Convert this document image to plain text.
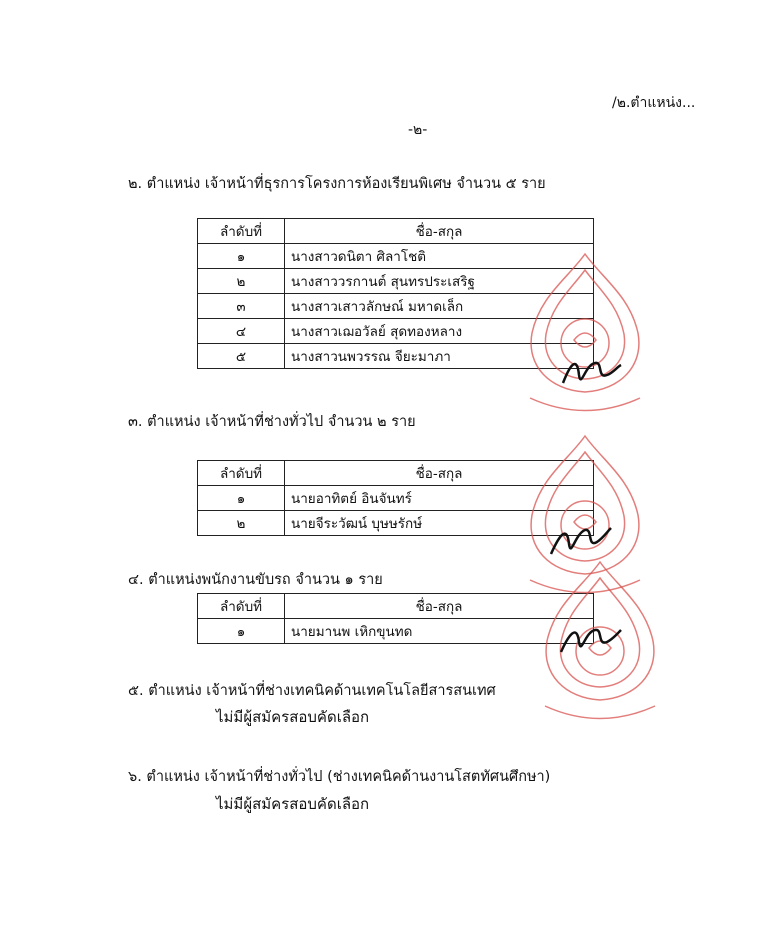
/๒.ตำแหน่ง...
-๒-
๒. ตำแหน่ง เจ้าหน้าที่ธุรการโครงการห้องเรียนพิเศษ จำนวน ๕ ราย
ลำดับที่	ชื่อ-สกุล
๑	นางสาวดนิตา ศิลาโชติ
๒	นางสาววรกานต์ สุนทรประเสริฐ
๓	นางสาวเสาวลักษณ์ มหาดเล็ก
๔	นางสาวเฌอวัลย์ สุดทองหลาง
๕	นางสาวนพวรรณ จียะมาภา
๓. ตำแหน่ง เจ้าหน้าที่ช่างทั่วไป จำนวน ๒ ราย
ลำดับที่	ชื่อ-สกุล
๑	นายอาทิตย์ อินจันทร์
๒	นายจีระวัฒน์ บุษษรักษ์
๔. ตำแหน่งพนักงานขับรถ จำนวน ๑ ราย
ลำดับที่	ชื่อ-สกุล
๑	นายมานพ เหิกขุนทด
๕. ตำแหน่ง เจ้าหน้าที่ช่างเทคนิคด้านเทคโนโลยีสารสนเทศ
ไม่มีผู้สมัครสอบคัดเลือก
๖. ตำแหน่ง เจ้าหน้าที่ช่างทั่วไป (ช่างเทคนิคด้านงานโสตทัศนศึกษา)
ไม่มีผู้สมัครสอบคัดเลือก
